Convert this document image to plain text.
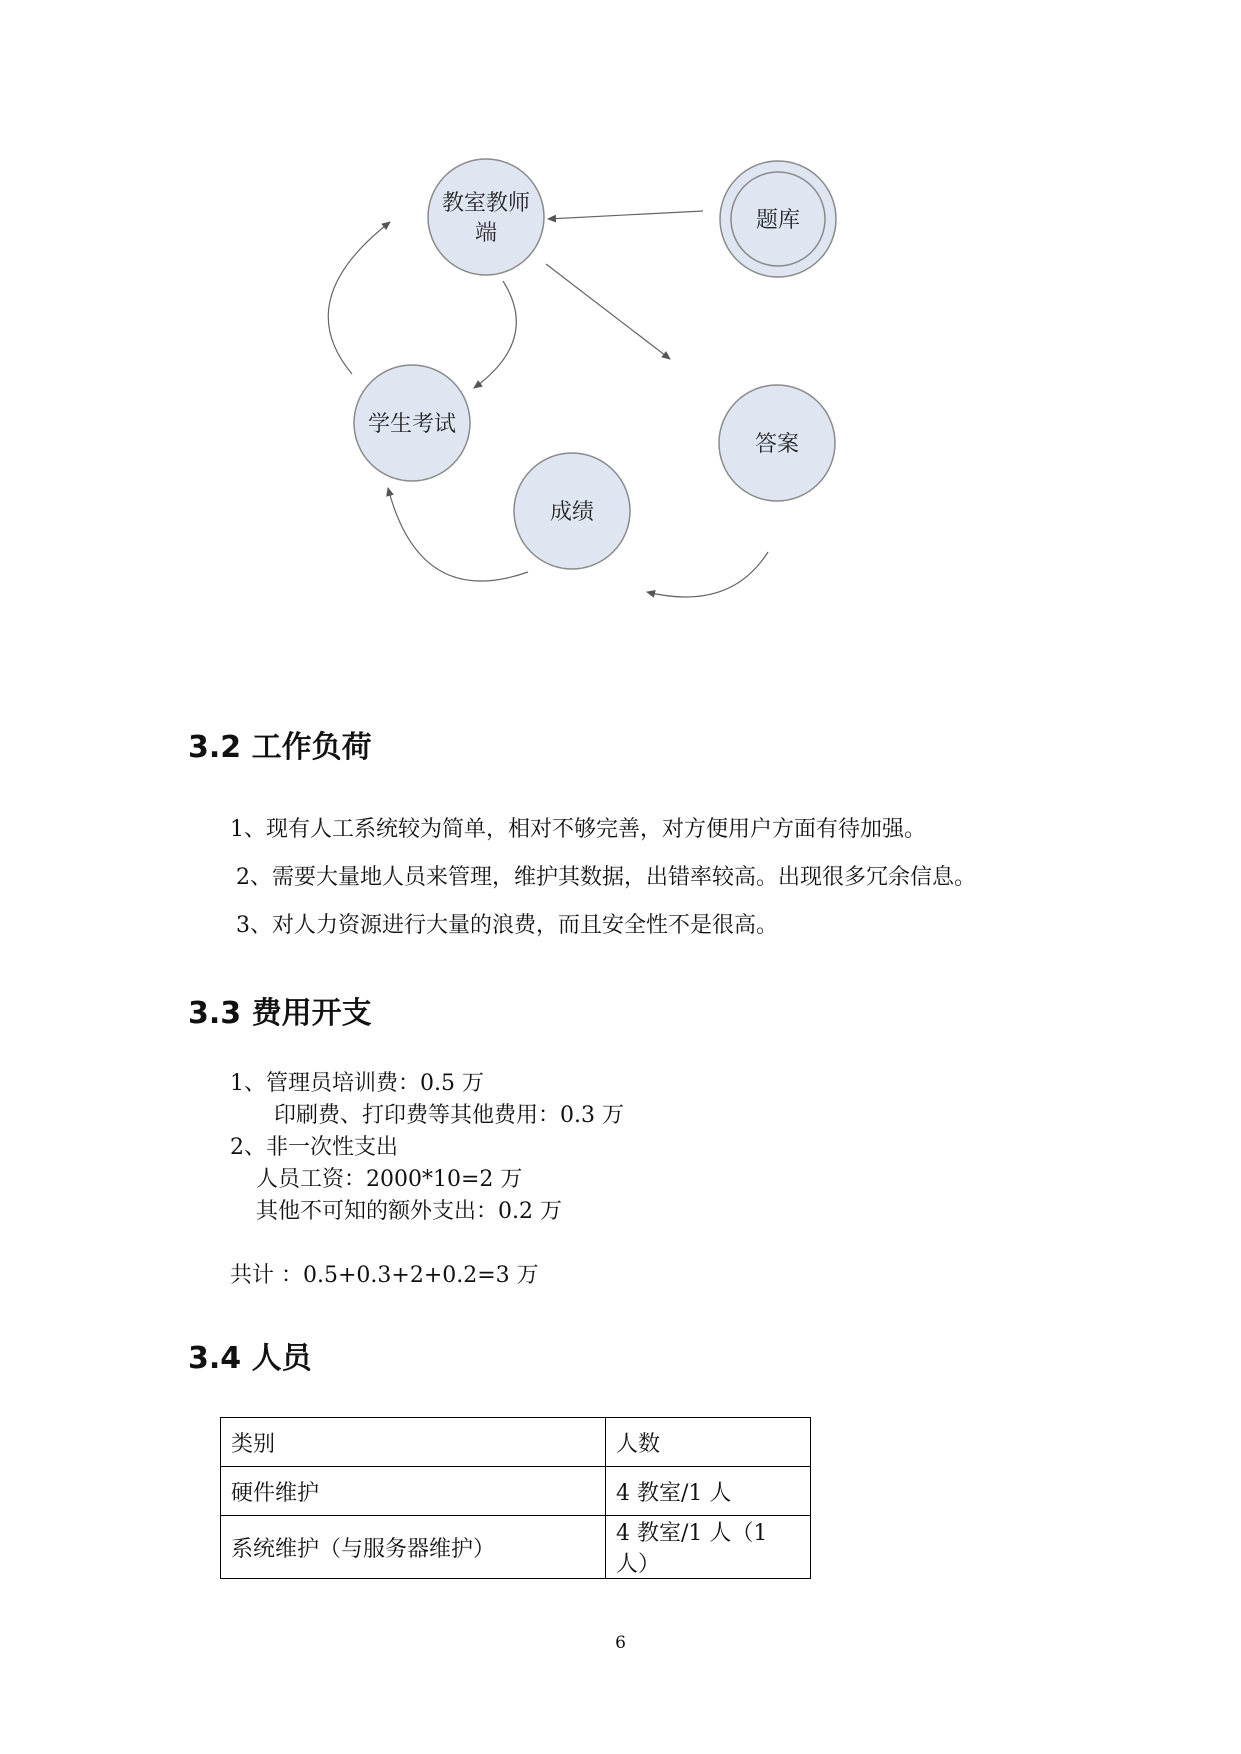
教室教师
端
题库
学生考试
答案
成绩
3.2 工作负荷

1、现有人工系统较为简单，相对不够完善，对方便用户方面有待加强。

2、需要大量地人员来管理，维护其数据，出错率较高。出现很多冗余信息。

3、对人力资源进行大量的浪费，而且安全性不是很高。

3.3 费用开支

1、管理员培训费：0.5 万

印刷费、打印费等其他费用：0.3 万

2、非一次性支出

人员工资：2000*10=2 万

其他不可知的额外支出：0.2 万

共计 ：0.5+0.3+2+0.2=3 万

3.4 人员
类别	人数
硬件维护	4 教室/1 人
系统维护（与服务器维护）	4 教室/1 人（1 人）
6
